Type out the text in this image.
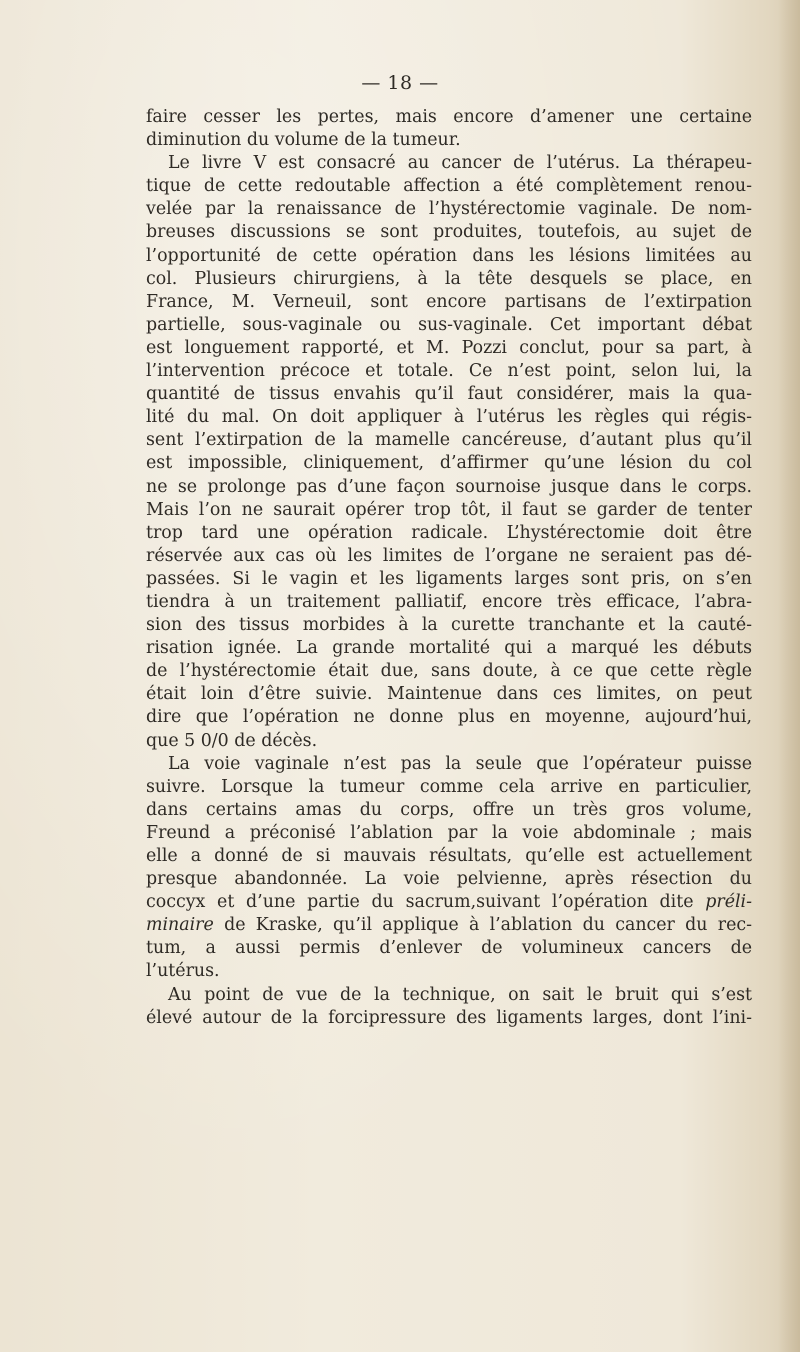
— 18 —
faire cesser les pertes, mais encore d’amener une certaine
diminution du volume de la tumeur.
Le livre V est consacré au cancer de l’utérus. La thérapeu-
tique de cette redoutable affection a été complètement renou-
velée par la renaissance de l’hystérectomie vaginale. De nom-
breuses discussions se sont produites, toutefois, au sujet de
l’opportunité de cette opération dans les lésions limitées au
col. Plusieurs chirurgiens, à la tête desquels se place, en
France, M. Verneuil, sont encore partisans de l’extirpation
partielle, sous-vaginale ou sus-vaginale. Cet important débat
est longuement rapporté, et M. Pozzi conclut, pour sa part, à
l’intervention précoce et totale. Ce n’est point, selon lui, la
quantité de tissus envahis qu’il faut considérer, mais la qua-
lité du mal. On doit appliquer à l’utérus les règles qui régis-
sent l’extirpation de la mamelle cancéreuse, d’autant plus qu’il
est impossible, cliniquement, d’affirmer qu’une lésion du col
ne se prolonge pas d’une façon sournoise jusque dans le corps.
Mais l’on ne saurait opérer trop tôt, il faut se garder de tenter
trop tard une opération radicale. L’hystérectomie doit être
réservée aux cas où les limites de l’organe ne seraient pas dé-
passées. Si le vagin et les ligaments larges sont pris, on s’en
tiendra à un traitement palliatif, encore très efficace, l’abra-
sion des tissus morbides à la curette tranchante et la cauté-
risation ignée. La grande mortalité qui a marqué les débuts
de l’hystérectomie était due, sans doute, à ce que cette règle
était loin d’être suivie. Maintenue dans ces limites, on peut
dire que l’opération ne donne plus en moyenne, aujourd’hui,
que 5 0/0 de décès.
La voie vaginale n’est pas la seule que l’opérateur puisse
suivre. Lorsque la tumeur comme cela arrive en particulier,
dans certains amas du corps, offre un très gros volume,
Freund a préconisé l’ablation par la voie abdominale ; mais
elle a donné de si mauvais résultats, qu’elle est actuellement
presque abandonnée. La voie pelvienne, après résection du
coccyx et d’une partie du sacrum,suivant l’opération dite préli-
minaire de Kraske, qu’il applique à l’ablation du cancer du rec-
tum, a aussi permis d’enlever de volumineux cancers de
l’utérus.
Au point de vue de la technique, on sait le bruit qui s’est
élevé autour de la forcipressure des ligaments larges, dont l’ini-
